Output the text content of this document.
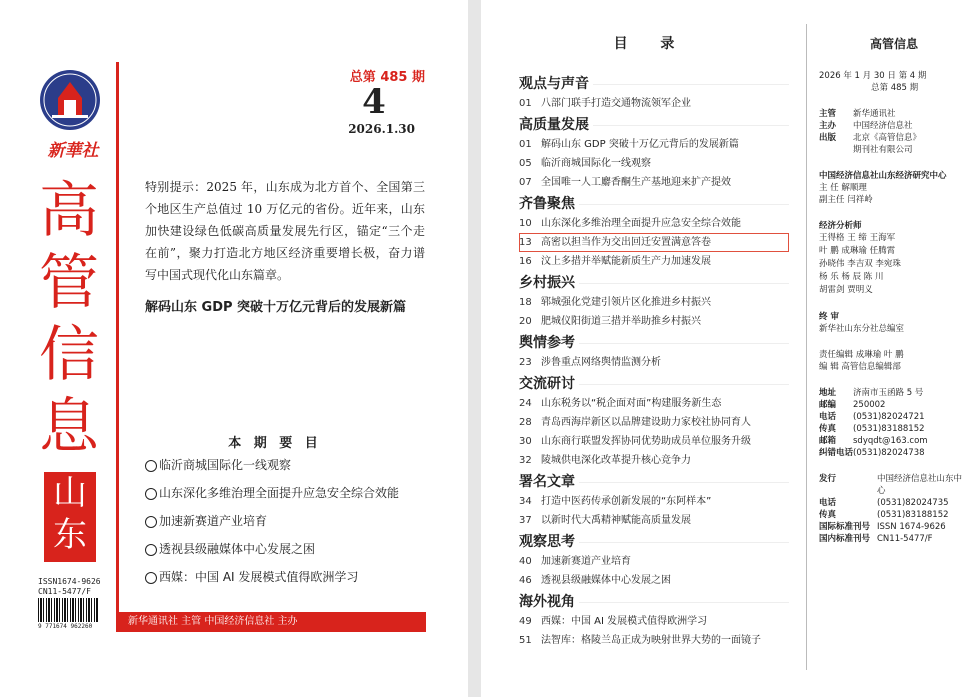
新華社
总第 485 期
4
2026.1.30
高
管
信
息
山
东
特别提示：2025 年，山东成为北方首个、全国第三个地区生产总值过 10 万亿元的省份。近年来，山东加快建设绿色低碳高质量发展先行区，锚定“三个走在前”，聚力打造北方地区经济重要增长极，奋力谱写中国式现代化山东篇章。
解码山东 GDP 突破十万亿元背后的发展新篇
本 期 要 目
临沂商城国际化一线观察
山东深化多维治理全面提升应急安全综合效能
加速新赛道产业培育
透视县级融媒体中心发展之困
西媒：中国 AI 发展模式值得欧洲学习
ISSN1674-9626
CN11-5477/F
9 771674 962260	新华通讯社 主管 中国经济信息社 主办
目 录
观点与声音
01 八部门联手打造交通物流领军企业
高质量发展
01 解码山东 GDP 突破十万亿元背后的发展新篇
05 临沂商城国际化一线观察
07 全国唯一人工麝香酮生产基地迎来扩产提效
齐鲁聚焦
10 山东深化多维治理全面提升应急安全综合效能
13 高密以担当作为交出回迁安置满意答卷
16 汶上多措并举赋能新质生产力加速发展
乡村振兴
18 郓城强化党建引领片区化推进乡村振兴
20 肥城仪阳街道三措并举助推乡村振兴
舆情参考
23 涉鲁重点网络舆情监测分析
交流研讨
24 山东税务以“税企面对面”构建服务新生态
28 青岛西海岸新区以品牌建设助力家校社协同育人
30 山东商行联盟发挥协同优势助成员单位服务升级
32 陵城供电深化改革提升核心竞争力
署名文章
34 打造中医药传承创新发展的“东阿样本”
37 以新时代大禹精神赋能高质量发展
观察思考
40 加速新赛道产业培育
46 透视县级融媒体中心发展之困
海外视角
49 西媒：中国 AI 发展模式值得欧洲学习
51 法智库：格陵兰岛正成为映射世界大势的一面镜子
高管信息
2026 年 1 月 30 日 第 4 期
总第 485 期
主管	新华通讯社
主办	中国经济信息社
出版	北京《高管信息》
期刊社有限公司
中国经济信息社山东经济研究中心
主 任 解顺理
副主任 闫祥岭
经济分析师
王得格 王 缔 王海军
叶 鹏 成琳瑜 任腾霄
孙晓伟 李吉双 李宛珠
杨 乐 杨 辰 陈 川
胡雷剑 贾明义
终 审
新华社山东分社总编室
责任编辑 成琳瑜 叶 鹏
编 辑 高管信息编辑部
地址	济南市玉函路 5 号
邮编	250002
电话	(0531)82024721
传真	(0531)83188152
邮箱	sdyqdt@163.com
纠错电话 (0531)82024738
发行	中国经济信息社山东中心
电话	(0531)82024735
传真	(0531)83188152
国际标准刊号 ISSN 1674-9626
国内标准刊号 CN11-5477/F
